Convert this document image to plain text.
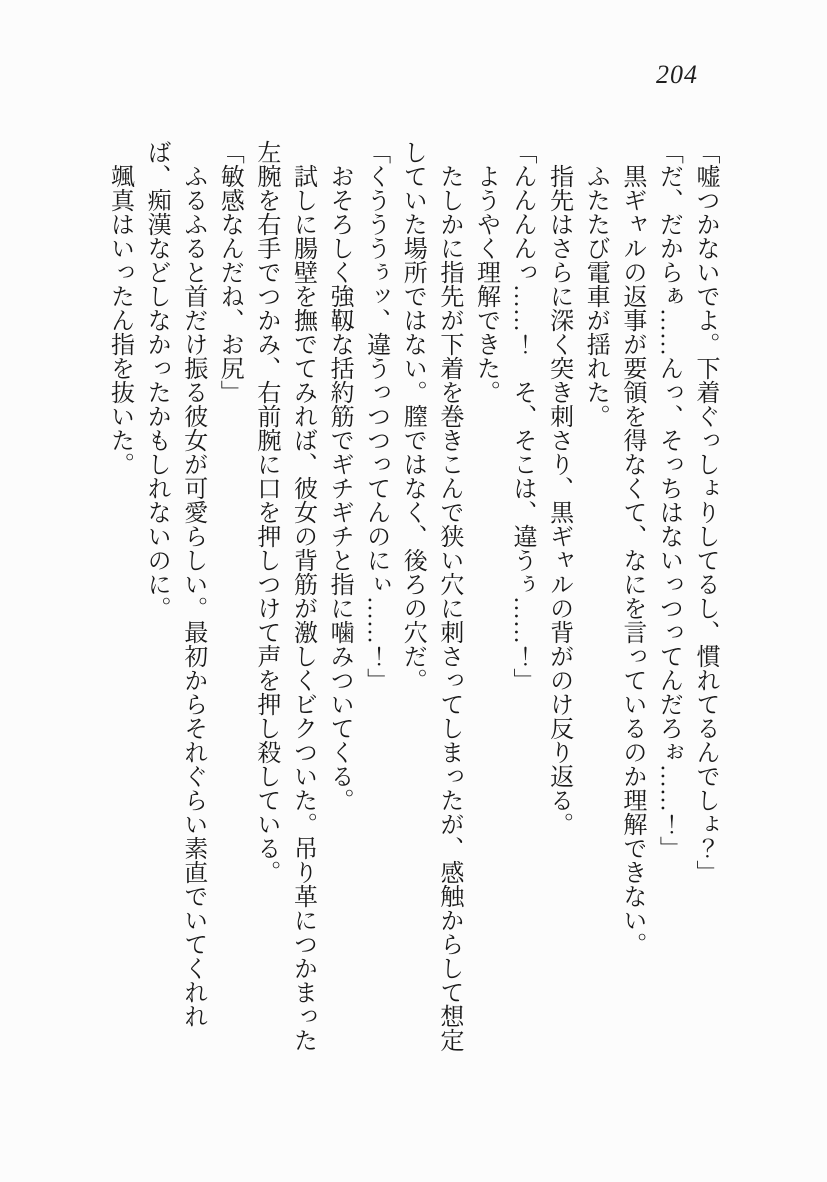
204

「嘘つかないでよ。下着ぐっしょりしてるし、慣れてるんでしょ？」

「だ、だからぁ……んっ、そっちはないっつってんだろぉ……！」

黒ギャルの返事が要領を得なくて、なにを言っているのか理解できない。

ふたたび電車が揺れた。

指先はさらに深く突き刺さり、黒ギャルの背がのけ反り返る。

「んんんんっ……！　そ、そこは、違うぅ……！」

ようやく理解できた。

たしかに指先が下着を巻きこんで狭い穴に刺さってしまったが、感触からして想定していた場所ではない。膣ではなく、後ろの穴だ。

「くうううぅッ、違うっつつってんのにぃ……！」

おそろしく強靱な括約筋でギチギチと指に噛みついてくる。

試しに腸壁を撫でてみれば、彼女の背筋が激しくビクついた。吊り革につかまった左腕を右手でつかみ、右前腕に口を押しつけて声を押し殺している。

「敏感なんだね、お尻」

ふるふると首だけ振る彼女が可愛らしい。最初からそれぐらい素直でいてくれれば、痴漢などしなかったかもしれないのに。

颯真はいったん指を抜いた。
